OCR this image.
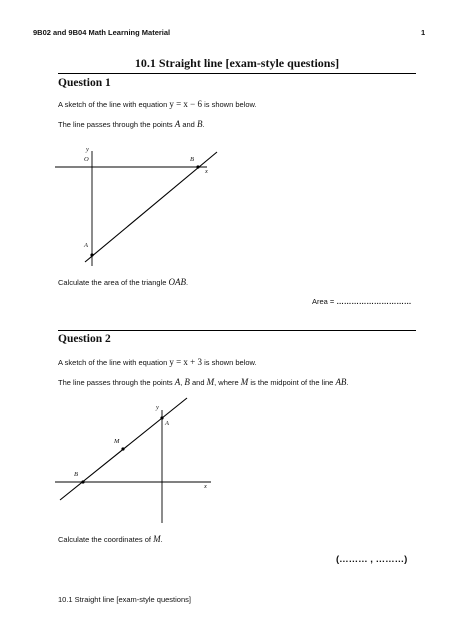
9B02 and 9B04 Math Learning Material	1
10.1 Straight line [exam-style questions]
Question 1
A sketch of the line with equation y = x − 6 is shown below.
The line passes through the points A and B.
y
O	B
x
A
Calculate the area of the triangle OAB.
Area = …………………………
Question 2
A sketch of the line with equation y = x + 3 is shown below.
The line passes through the points A, B and M, where M is the midpoint of the line AB.
y
A
M
B
x
Calculate the coordinates of M.
(……… , ………)
10.1 Straight line [exam-style questions]
